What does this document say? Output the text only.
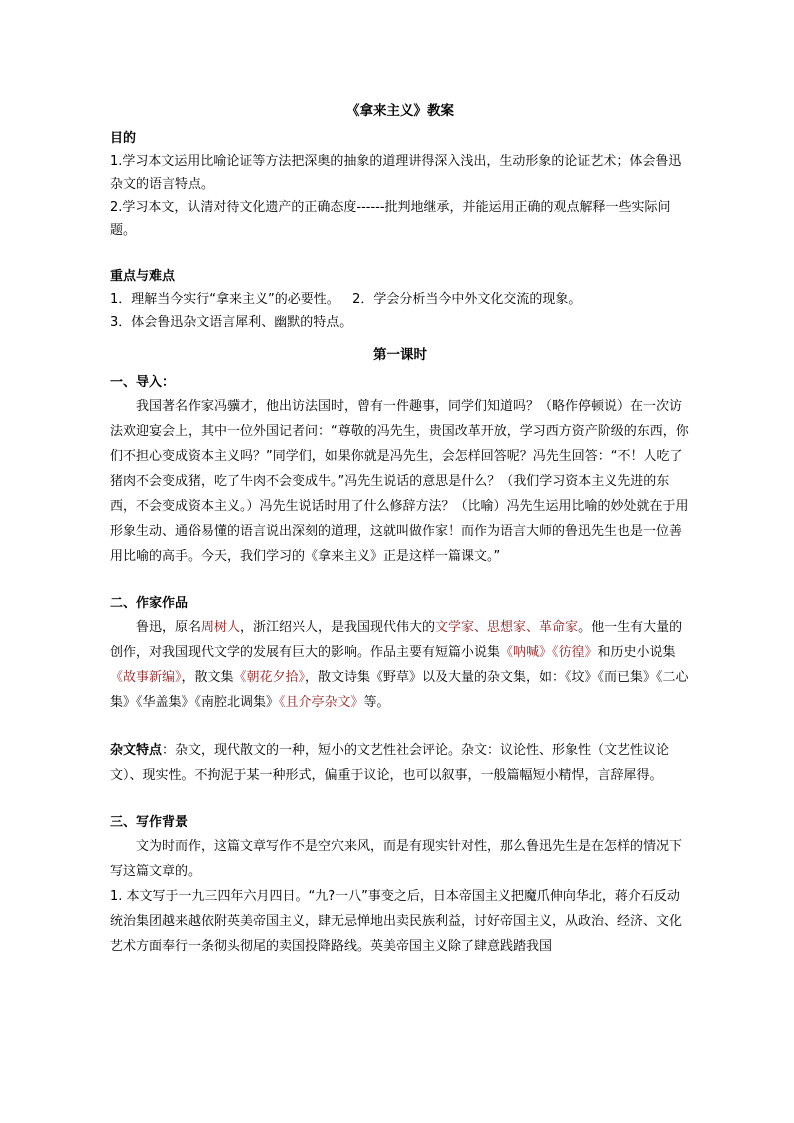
《拿来主义》教案
目的
1.学习本文运用比喻论证等方法把深奥的抽象的道理讲得深入浅出，生动形象的论证艺术；体会鲁迅杂文的语言特点。
2.学习本文，认清对待文化遗产的正确态度------批判地继承，并能运用正确的观点解释一些实际问题。
重点与难点
1．理解当今实行“拿来主义”的必要性。   2．学会分析当今中外文化交流的现象。
3．体会鲁迅杂文语言犀利、幽默的特点。
第一课时
一、导入：
我国著名作家冯骥才，他出访法国时，曾有一件趣事，同学们知道吗？（略作停顿说）在一次访法欢迎宴会上，其中一位外国记者问：“尊敬的冯先生，贵国改革开放，学习西方资产阶级的东西，你们不担心变成资本主义吗？”同学们，如果你就是冯先生，会怎样回答呢？冯先生回答：“不！人吃了猪肉不会变成猪，吃了牛肉不会变成牛。”冯先生说话的意思是什么？（我们学习资本主义先进的东西，不会变成资本主义。）冯先生说话时用了什么修辞方法？（比喻）冯先生运用比喻的妙处就在于用形象生动、通俗易懂的语言说出深刻的道理，这就叫做作家！而作为语言大师的鲁迅先生也是一位善用比喻的高手。今天，我们学习的《拿来主义》正是这样一篇课文。”
二、作家作品
鲁迅，原名周树人，浙江绍兴人，是我国现代伟大的文学家、思想家、革命家。他一生有大量的创作，对我国现代文学的发展有巨大的影响。作品主要有短篇小说集《呐喊》《彷徨》和历史小说集《故事新编》，散文集《朝花夕拾》，散文诗集《野草》以及大量的杂文集，如：《坟》《而已集》《二心集》《华盖集》《南腔北调集》《且介亭杂文》等。
杂文特点：杂文，现代散文的一种，短小的文艺性社会评论。杂文：议论性、形象性（文艺性议论文）、现实性。不拘泥于某一种形式，偏重于议论，也可以叙事，一般篇幅短小精悍，言辞犀得。
三、写作背景
文为时而作，这篇文章写作不是空穴来风，而是有现实针对性，那么鲁迅先生是在怎样的情况下写这篇文章的。
1. 本文写于一九三四年六月四日。“九?一八”事变之后，日本帝国主义把魔爪伸向华北，蒋介石反动统治集团越来越依附英美帝国主义，肆无忌惮地出卖民族利益，讨好帝国主义，从政治、经济、文化艺术方面奉行一条彻头彻尾的卖国投降路线。英美帝国主义除了肆意践踏我国
